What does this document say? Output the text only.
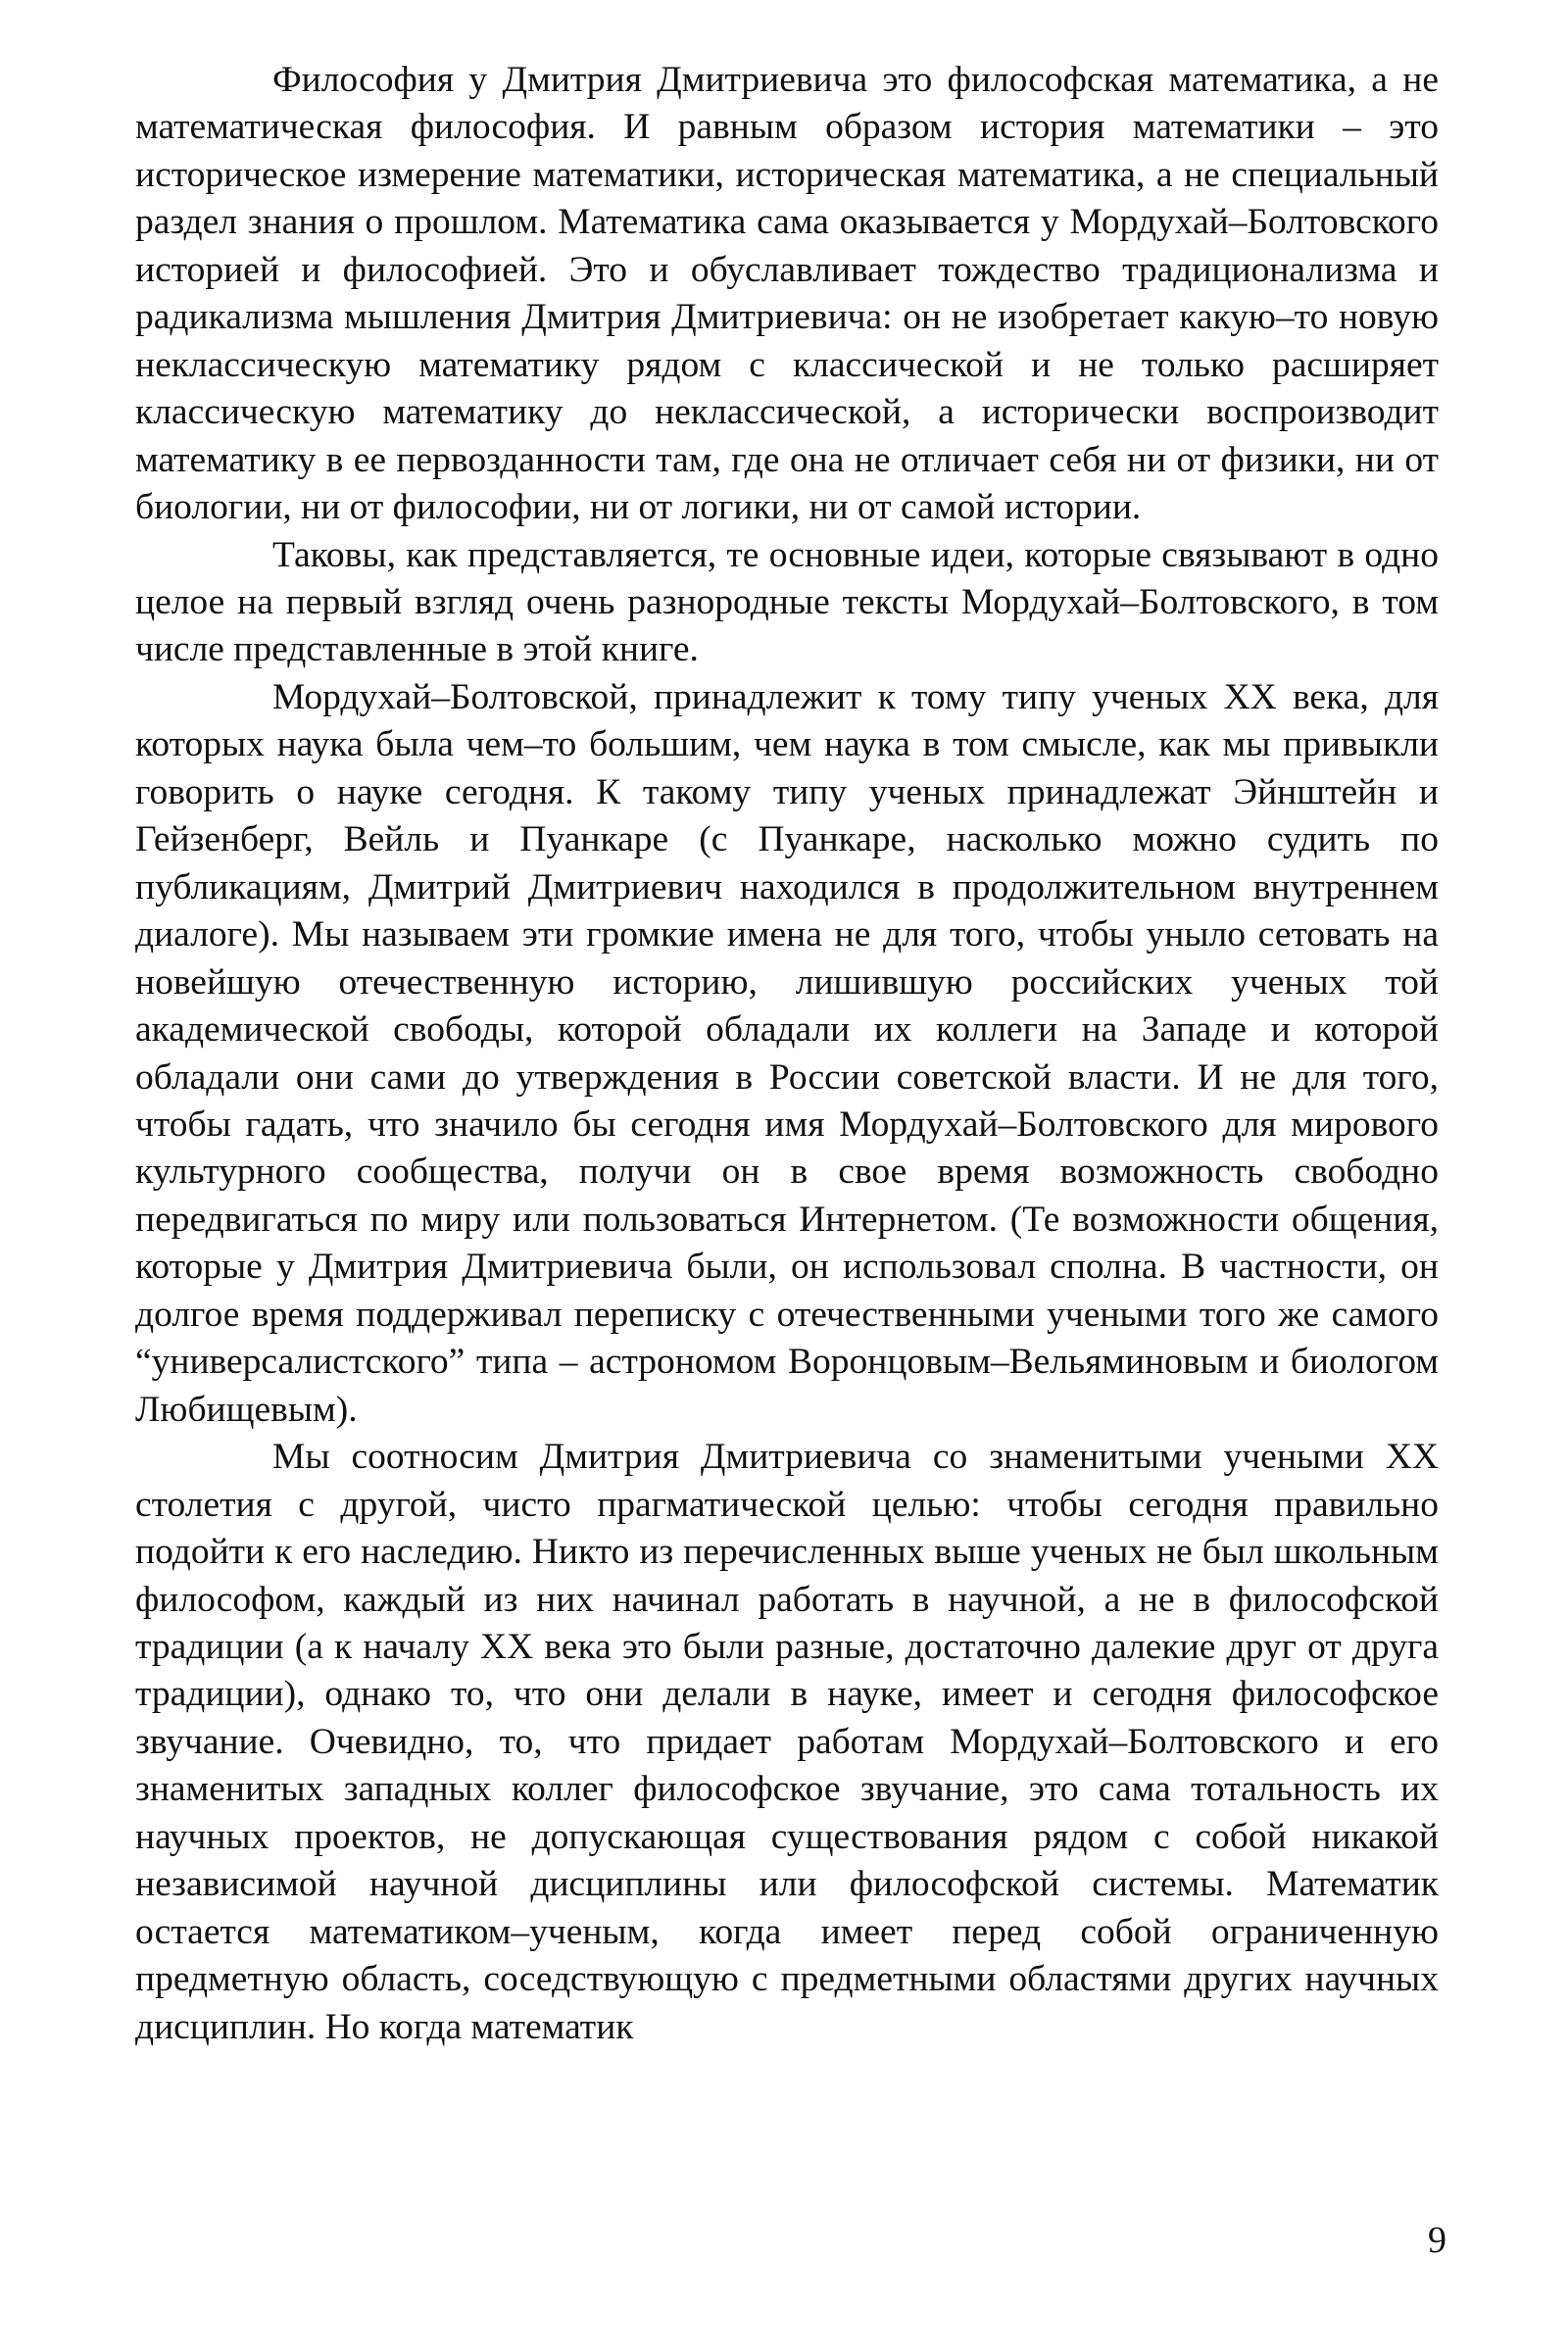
Философия у Дмитрия Дмитриевича это философская математика, а не математическая философия. И равным образом история математики – это историческое измерение математики, историческая математика, а не специальный раздел знания о прошлом. Математика сама оказывается у Мордухай–Болтовского историей и философией. Это и обуславливает тождество традиционализма и радикализма мышления Дмитрия Дмитриевича: он не изобретает какую–то новую неклассическую математику рядом с классической и не только расширяет классическую математику до неклассической, а исторически воспроизводит математику в ее первозданности там, где она не отличает себя ни от физики, ни от биологии, ни от философии, ни от логики, ни от самой истории.

Таковы, как представляется, те основные идеи, которые связывают в одно целое на первый взгляд очень разнородные тексты Мордухай–Болтовского, в том числе представленные в этой книге.

Мордухай–Болтовской, принадлежит к тому типу ученых XX века, для которых наука была чем–то большим, чем наука в том смысле, как мы привыкли говорить о науке сегодня. К такому типу ученых принадлежат Эйнштейн и Гейзенберг, Вейль и Пуанкаре (с Пуанкаре, насколько можно судить по публикациям, Дмитрий Дмитриевич находился в продолжительном внутреннем диалоге). Мы называем эти громкие имена не для того, чтобы уныло сетовать на новейшую отечественную историю, лишившую российских ученых той академической свободы, которой обладали их коллеги на Западе и которой обладали они сами до утверждения в России советской власти. И не для того, чтобы гадать, что значило бы сегодня имя Мордухай–Болтовского для мирового культурного сообщества, получи он в свое время возможность свободно передвигаться по миру или пользоваться Интернетом. (Те возможности общения, которые у Дмитрия Дмитриевича были, он использовал сполна. В частности, он долгое время поддерживал переписку с отечественными учеными того же самого “универсалистского” типа – астрономом Воронцовым–Вельяминовым и биологом Любищевым).

Мы соотносим Дмитрия Дмитриевича со знаменитыми учеными XX столетия с другой, чисто прагматической целью: чтобы сегодня правильно подойти к его наследию. Никто из перечисленных выше ученых не был школьным философом, каждый из них начинал работать в научной, а не в философской традиции (а к началу XX века это были разные, достаточно далекие друг от друга традиции), однако то, что они делали в науке, имеет и сегодня философское звучание. Очевидно, то, что придает работам Мордухай–Болтовского и его знаменитых западных коллег философское звучание, это сама тотальность их научных проектов, не допускающая существования рядом с собой никакой независимой научной дисциплины или философской системы. Математик остается математиком–ученым, когда имеет перед собой ограниченную предметную область, соседствующую с предметными областями других научных дисциплин. Но когда математик

9
